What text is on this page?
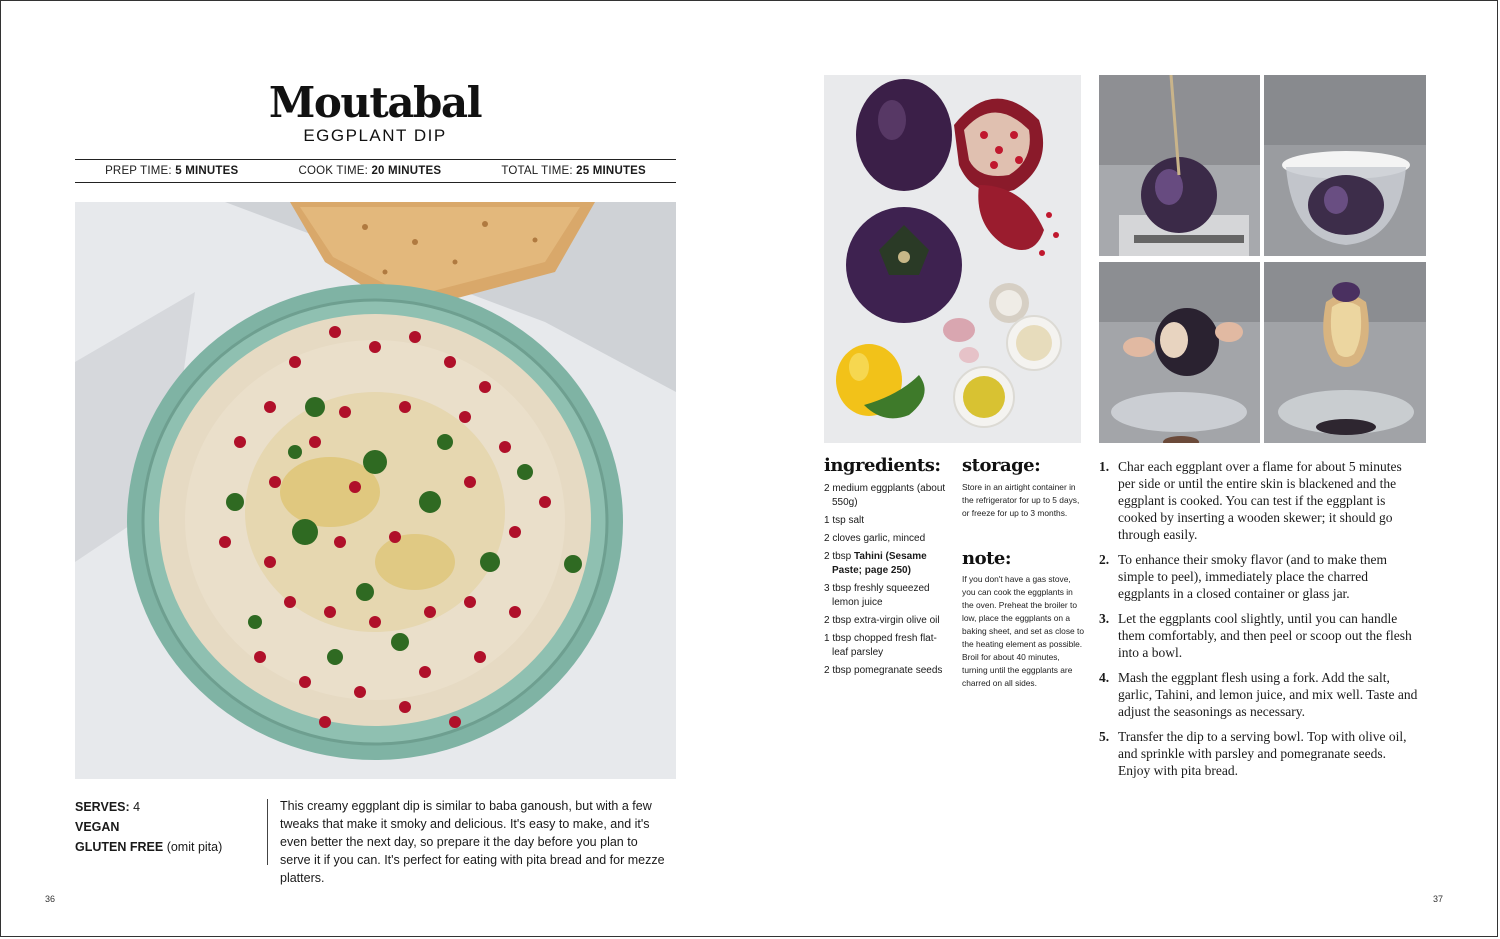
Moutabal
EGGPLANT DIP
PREP TIME: 5 MINUTES	COOK TIME: 20 MINUTES	TOTAL TIME: 25 MINUTES
SERVES: 4
VEGAN
GLUTEN FREE (omit pita)
This creamy eggplant dip is similar to baba ganoush, but with a few tweaks that make it smoky and delicious. It's easy to make, and it's even better the next day, so prepare it the day before you plan to serve it if you can. It's perfect for eating with pita bread and for mezze platters.
36
ingredients:
2 medium eggplants (about 550g)
1 tsp salt
2 cloves garlic, minced
2 tbsp Tahini (Sesame Paste; page 250)
3 tbsp freshly squeezed lemon juice
2 tbsp extra-virgin olive oil
1 tbsp chopped fresh flat-leaf parsley
2 tbsp pomegranate seeds
storage:
Store in an airtight container in the refrigerator for up to 5 days, or freeze for up to 3 months.
note:
If you don't have a gas stove, you can cook the eggplants in the oven. Preheat the broiler to low, place the eggplants on a baking sheet, and set as close to the heating element as possible. Broil for about 40 minutes, turning until the eggplants are charred on all sides.
1. Char each eggplant over a flame for about 5 minutes per side or until the entire skin is blackened and the eggplant is cooked. You can test if the eggplant is cooked by inserting a wooden skewer; it should go through easily.
2. To enhance their smoky flavor (and to make them simple to peel), immediately place the charred eggplants in a closed container or glass jar.
3. Let the eggplants cool slightly, until you can handle them comfortably, and then peel or scoop out the flesh into a bowl.
4. Mash the eggplant flesh using a fork. Add the salt, garlic, Tahini, and lemon juice, and mix well. Taste and adjust the seasonings as necessary.
5. Transfer the dip to a serving bowl. Top with olive oil, and sprinkle with parsley and pomegranate seeds. Enjoy with pita bread.
37
